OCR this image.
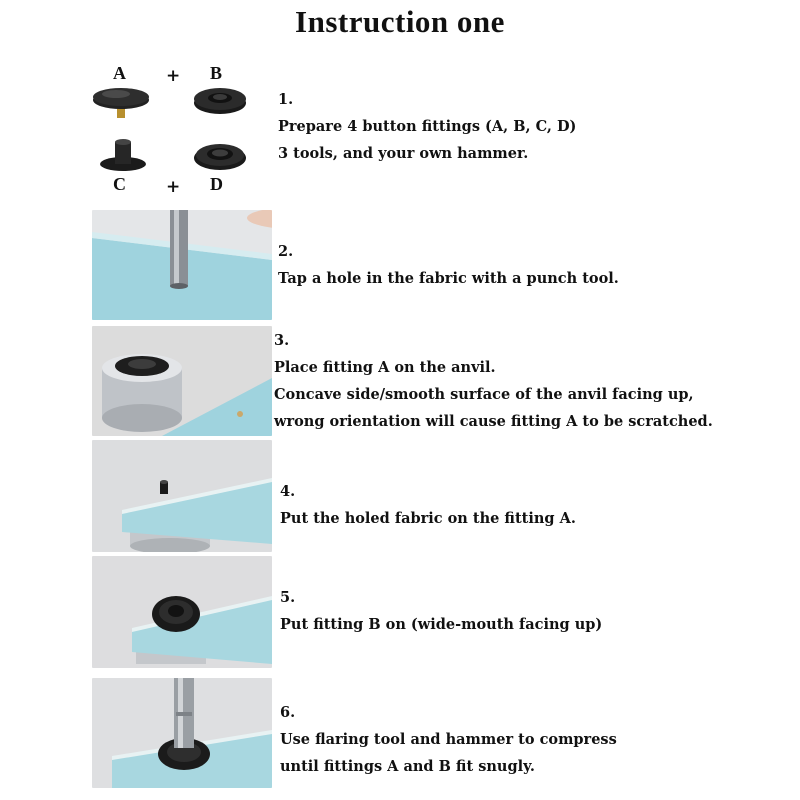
Instruction one
A + B
C + D
1.
Prepare 4 button fittings (A, B, C, D)
3 tools, and your own hammer.
2.
Tap a hole in the fabric with a punch tool.
3.
Place fitting A on the anvil.
Concave side/smooth surface of the anvil facing up,
wrong orientation will cause fitting A to be scratched.
4.
Put the holed fabric on the fitting A.
5.
Put fitting B on (wide-mouth facing up)
6.
Use flaring tool and hammer to compress
until fittings A and B fit snugly.
